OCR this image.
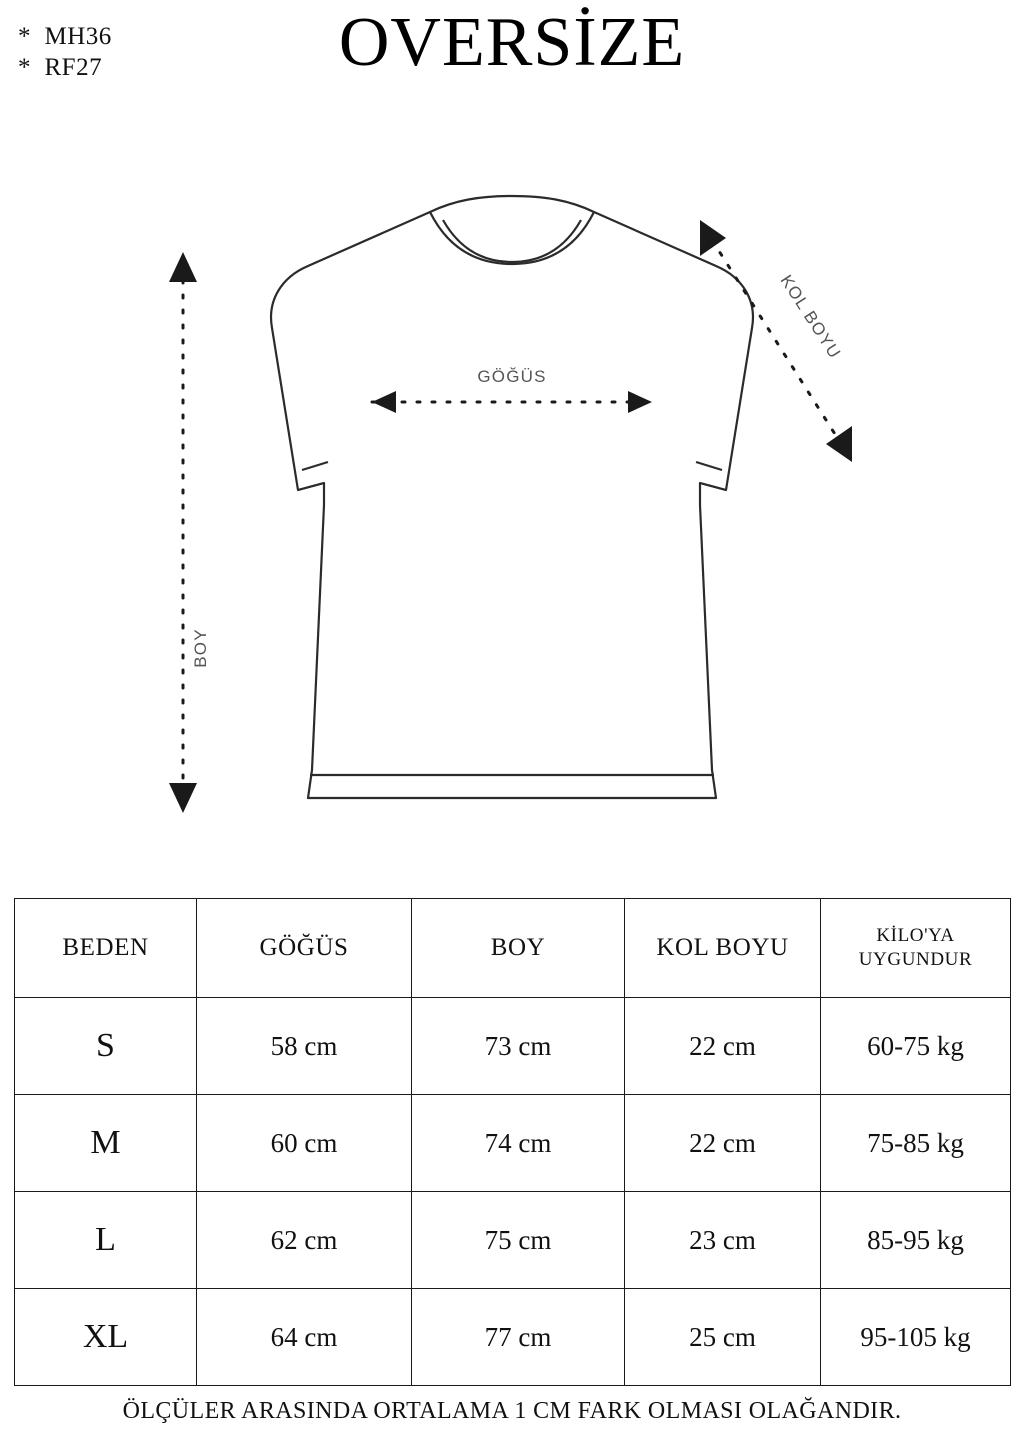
*  MH36
*  RF27	OVERSİZE
GÖĞÜS
BOY
KOL BOYU
BEDEN	GÖĞÜS	BOY	KOL BOYU	KİLO'YA
UYGUNDUR
S	58 cm	73 cm	22 cm	60-75 kg
M	60 cm	74 cm	22 cm	75-85 kg
L	62 cm	75 cm	23 cm	85-95 kg
XL	64 cm	77 cm	25 cm	95-105 kg
ÖLÇÜLER ARASINDA ORTALAMA 1 CM FARK OLMASI OLAĞANDIR.
